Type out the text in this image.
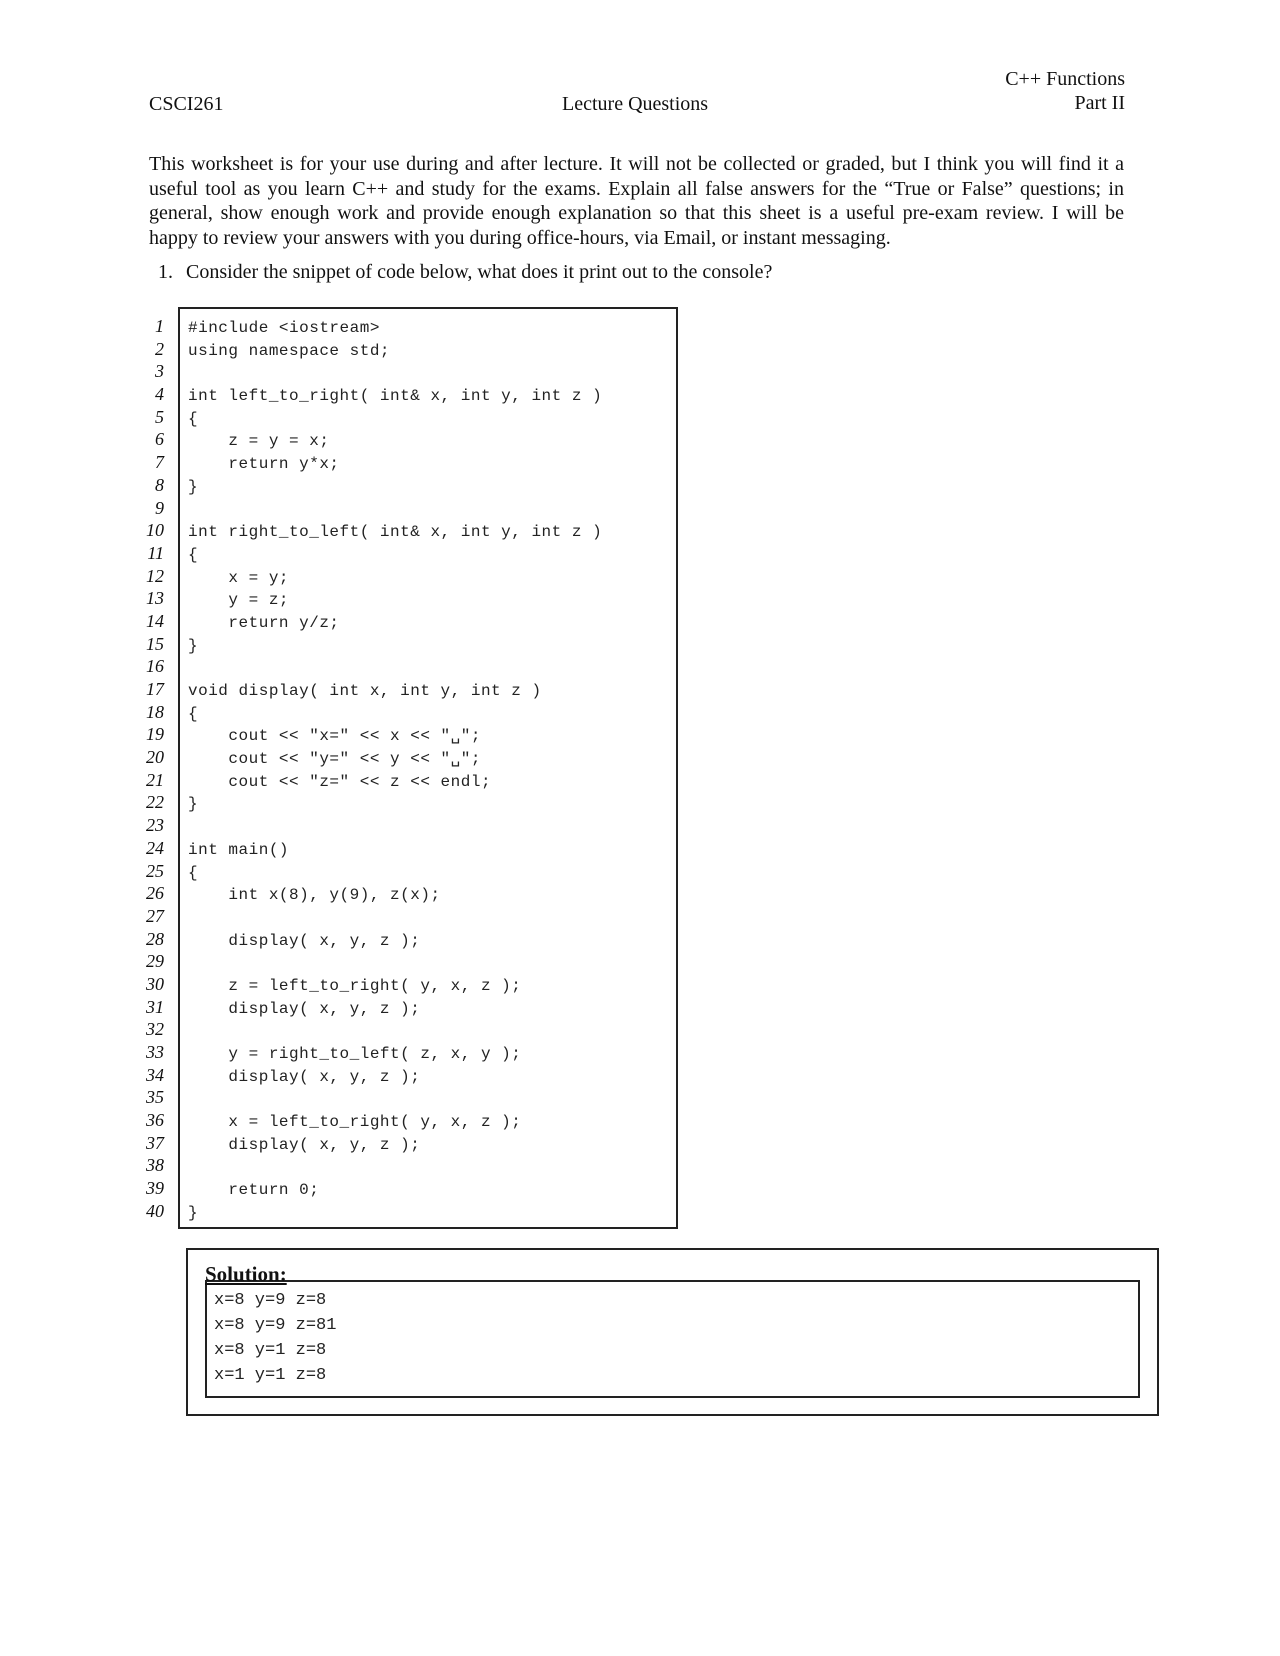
CSCI261	Lecture Questions
C++ Functions
Part II
This worksheet is for your use during and after lecture. It will not be collected or graded, but I think you will find it a useful tool as you learn C++ and study for the exams. Explain all false answers for the “True or False” questions; in general, show enough work and provide enough explanation so that this sheet is a useful pre-exam review. I will be happy to review your answers with you during office-hours, via Email, or instant messaging.
1. Consider the snippet of code below, what does it print out to the console?
1
2
3
4
5
6
7
8
9
10
11
12
13
14
15
16
17
18
19
20
21
22
23
24
25
26
27
28
29
30
31
32
33
34
35
36
37
38
39
40
#include <iostream>
using namespace std;
int left_to_right( int& x, int y, int z )
{
z = y = x;
return y*x;
}
int right_to_left( int& x, int y, int z )
{
x = y;
y = z;
return y/z;
}
void display( int x, int y, int z )
{
cout << "x=" << x << "␣";
cout << "y=" << y << "␣";
cout << "z=" << z << endl;
}
int main()
{
int x(8), y(9), z(x);
display( x, y, z );
z = left_to_right( y, x, z );
display( x, y, z );
y = right_to_left( z, x, y );
display( x, y, z );
x = left_to_right( y, x, z );
display( x, y, z );
return 0;
}
x=8 y=9 z=8
x=8 y=9 z=81
x=8 y=1 z=8
x=1 y=1 z=8
Solution:
